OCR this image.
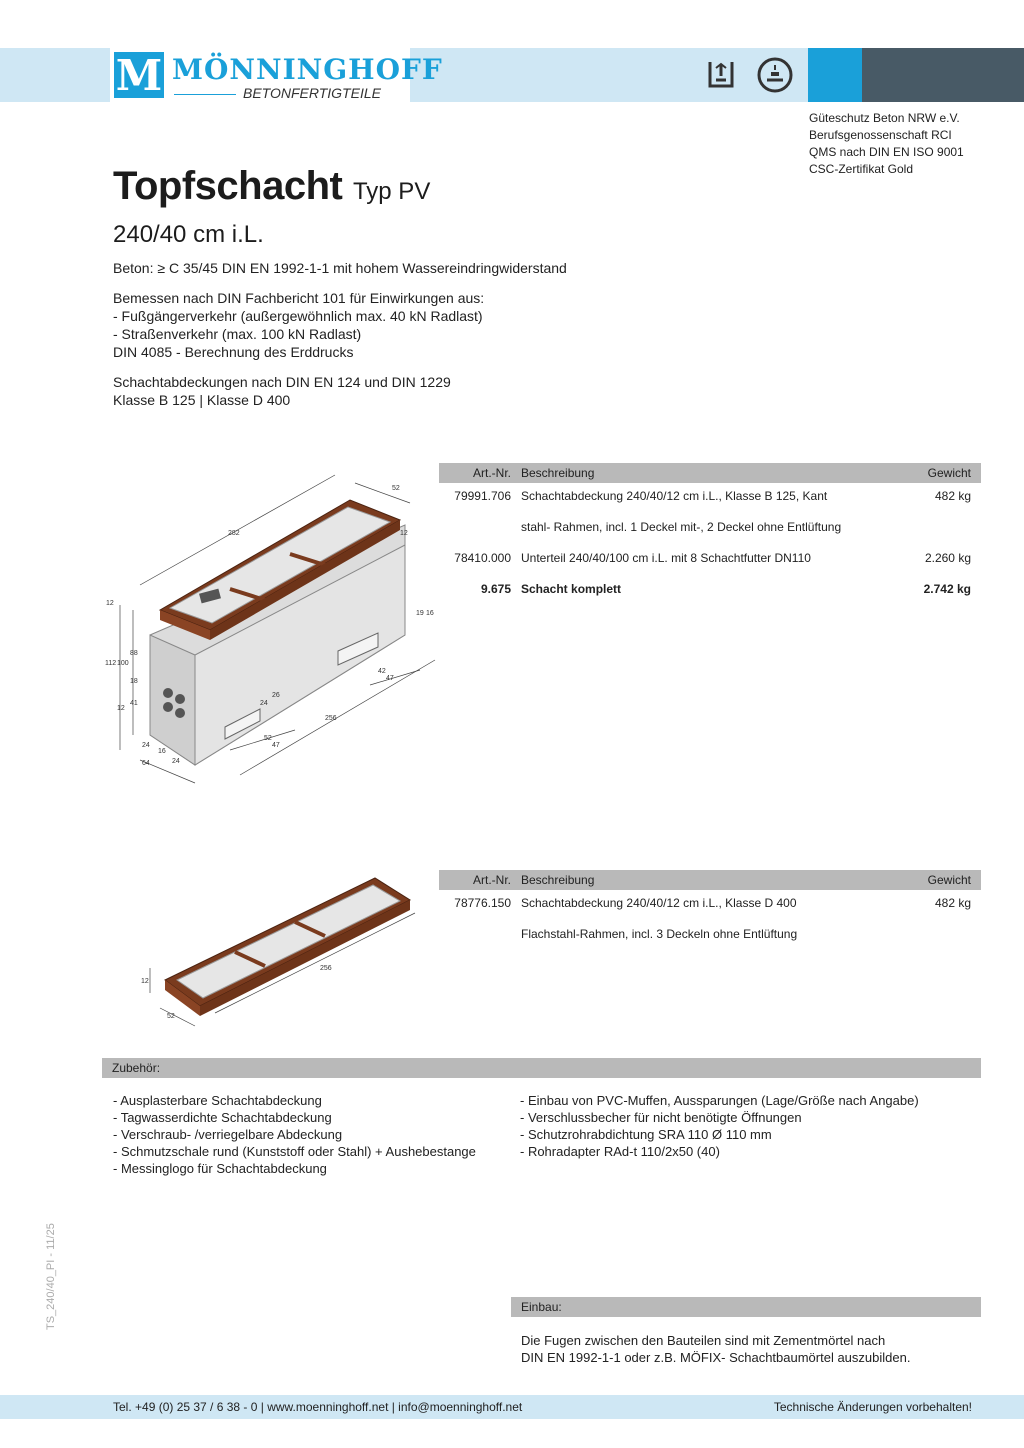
M MÖNNINGHOFF
BETONFERTIGTEILE
Güteschutz Beton NRW e.V.
Berufsgenossenschaft RCI
QMS nach DIN EN ISO 9001
CSC-Zertifikat Gold
Topfschacht Typ PV
240/40 cm i.L.
Beton: ≥ C 35/45 DIN EN 1992-1-1 mit hohem Wassereindringwiderstand
Bemessen nach DIN Fachbericht 101 für Einwirkungen aus:
- Fußgängerverkehr (außergewöhnlich max. 40 kN Radlast)
- Straßenverkehr (max. 100 kN Radlast)
DIN 4085 - Berechnung des Erddrucks
Schachtabdeckungen nach DIN EN 124 und DIN 1229
Klasse B 125 | Klasse D 400
282
52
12
12
112 100
88
18
41
12
24
16
24
64
256
52
47
42
47
24
26
19 16
Art.-Nr. Beschreibung	Gewicht
79991.706 Schachtabdeckung 240/40/12 cm i.L., Klasse B 125, Kant	482 kg
stahl- Rahmen, incl. 1 Deckel mit-, 2 Deckel ohne Entlüftung
78410.000 Unterteil 240/40/100 cm i.L. mit 8 Schachtfutter DN110	2.260 kg
9.675 Schacht komplett	2.742 kg
12
256
52
Art.-Nr. Beschreibung	Gewicht
78776.150 Schachtabdeckung 240/40/12 cm i.L., Klasse D 400	482 kg
Flachstahl-Rahmen, incl. 3 Deckeln ohne Entlüftung
Zubehör:
- Ausplasterbare Schachtabdeckung
- Tagwasserdichte Schachtabdeckung
- Verschraub- /verriegelbare Abdeckung
- Schmutzschale rund (Kunststoff oder Stahl) + Aushebestange
- Messinglogo für Schachtabdeckung
- Einbau von PVC-Muffen, Aussparungen (Lage/Größe nach Angabe)
- Verschlussbecher für nicht benötigte Öffnungen
- Schutzrohrabdichtung SRA 110 Ø 110 mm
- Rohradapter RAd-t 110/2x50 (40)
TS_240/40_PI - 11/25	Einbau:
Die Fugen zwischen den Bauteilen sind mit Zementmörtel nach
DIN EN 1992-1-1 oder z.B. MÖFIX- Schachtbaumörtel auszubilden.
Tel. +49 (0) 25 37 / 6 38 - 0 | www.moenninghoff.net | info@moenninghoff.net	Technische Änderungen vorbehalten!
